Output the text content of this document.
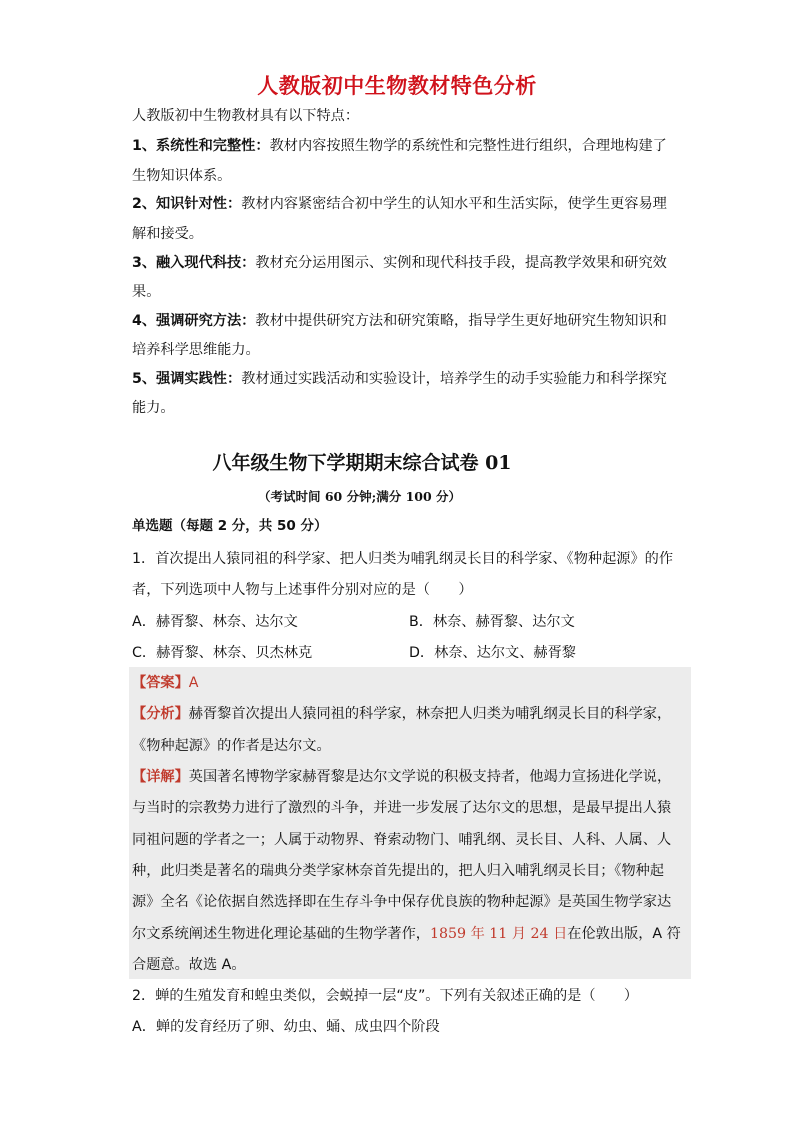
人教版初中生物教材特色分析
人教版初中生物教材具有以下特点：
1、系统性和完整性：教材内容按照生物学的系统性和完整性进行组织，合理地构建了
生物知识体系。
2、知识针对性：教材内容紧密结合初中学生的认知水平和生活实际，使学生更容易理
解和接受。
3、融入现代科技：教材充分运用图示、实例和现代科技手段，提高教学效果和研究效
果。
4、强调研究方法：教材中提供研究方法和研究策略，指导学生更好地研究生物知识和
培养科学思维能力。
5、强调实践性：教材通过实践活动和实验设计，培养学生的动手实验能力和科学探究
能力。
八年级生物下学期期末综合试卷 01
（考试时间 60 分钟;满分 100 分）
单选题（每题 2 分，共 50 分）
1．首次提出人猿同祖的科学家、把人归类为哺乳纲灵长目的科学家、《物种起源》的作
者，下列选项中人物与上述事件分别对应的是（　　）
A．赫胥黎、林奈、达尔文	B．林奈、赫胥黎、达尔文
C．赫胥黎、林奈、贝杰林克	D．林奈、达尔文、赫胥黎
【答案】A
【分析】赫胥黎首次提出人猿同祖的科学家，林奈把人归类为哺乳纲灵长目的科学家，
《物种起源》的作者是达尔文。
【详解】英国著名博物学家赫胥黎是达尔文学说的积极支持者，他竭力宣扬进化学说，
与当时的宗教势力进行了激烈的斗争，并进一步发展了达尔文的思想，是最早提出人猿
同祖问题的学者之一；人属于动物界、脊索动物门、哺乳纲、灵长目、人科、人属、人
种，此归类是著名的瑞典分类学家林奈首先提出的，把人归入哺乳纲灵长目；《物种起
源》全名《论依据自然选择即在生存斗争中保存优良族的物种起源》是英国生物学家达
尔文系统阐述生物进化理论基础的生物学著作，1859 年 11 月 24 日在伦敦出版，A 符
合题意。故选 A。
2．蝉的生殖发育和蝗虫类似，会蜕掉一层“皮”。下列有关叙述正确的是（　　）
A．蝉的发育经历了卵、幼虫、蛹、成虫四个阶段
